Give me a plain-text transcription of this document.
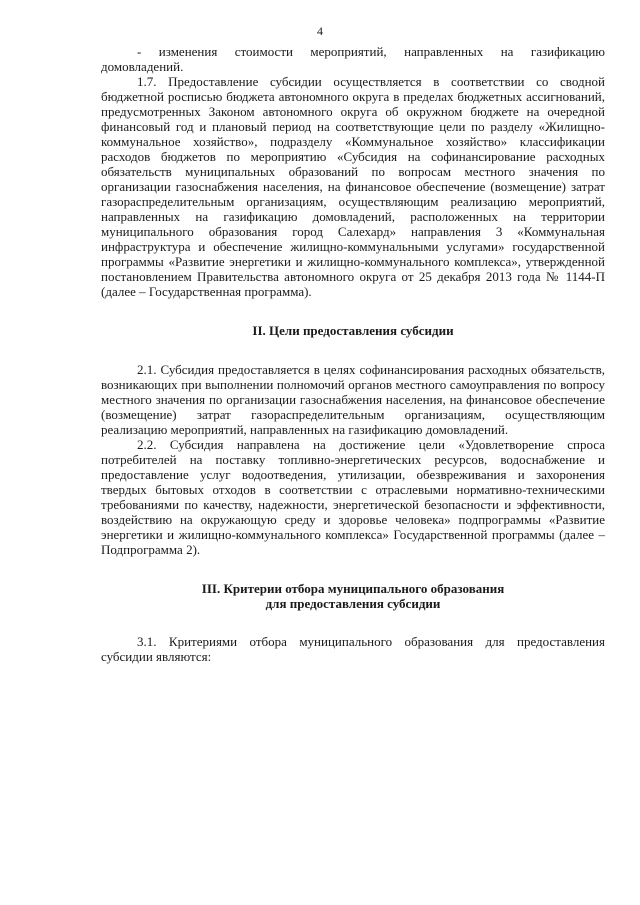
4

- изменения стоимости мероприятий, направленных на газификацию домовладений.

1.7. Предоставление субсидии осуществляется в соответствии со сводной бюджетной росписью бюджета автономного округа в пределах бюджетных ассигнований, предусмотренных Законом автономного округа об окружном бюджете на очередной финансовый год и плановый период на соответствующие цели по разделу «Жилищно-коммунальное хозяйство», подразделу «Коммунальное хозяйство» классификации расходов бюджетов по мероприятию «Субсидия на софинансирование расходных обязательств муниципальных образований по вопросам местного значения по организации газоснабжения населения, на финансовое обеспечение (возмещение) затрат газораспределительным организациям, осуществляющим реализацию мероприятий, направленных на газификацию домовладений, расположенных на территории муниципального образования город Салехард» направления 3 «Коммунальная инфраструктура и обеспечение жилищно-коммунальными услугами» государственной программы «Развитие энергетики и жилищно-коммунального комплекса», утвержденной постановлением Правительства автономного округа от 25 декабря 2013 года № 1144-П (далее – Государственная программа).

II. Цели предоставления субсидии

2.1. Субсидия предоставляется в целях софинансирования расходных обязательств, возникающих при выполнении полномочий органов местного самоуправления по вопросу местного значения по организации газоснабжения населения, на финансовое обеспечение (возмещение) затрат газораспределительным организациям, осуществляющим реализацию мероприятий, направленных на газификацию домовладений.

2.2. Субсидия направлена на достижение цели «Удовлетворение спроса потребителей на поставку топливно-энергетических ресурсов, водоснабжение и предоставление услуг водоотведения, утилизации, обезвреживания и захоронения твердых бытовых отходов в соответствии с отраслевыми нормативно-техническими требованиями по качеству, надежности, энергетической безопасности и эффективности, воздействию на окружающую среду и здоровье человека» подпрограммы «Развитие энергетики и жилищно-коммунального комплекса» Государственной программы (далее – Подпрограмма 2).

III. Критерии отбора муниципального образования

для предоставления субсидии

3.1. Критериями отбора муниципального образования для предоставления субсидии являются:
